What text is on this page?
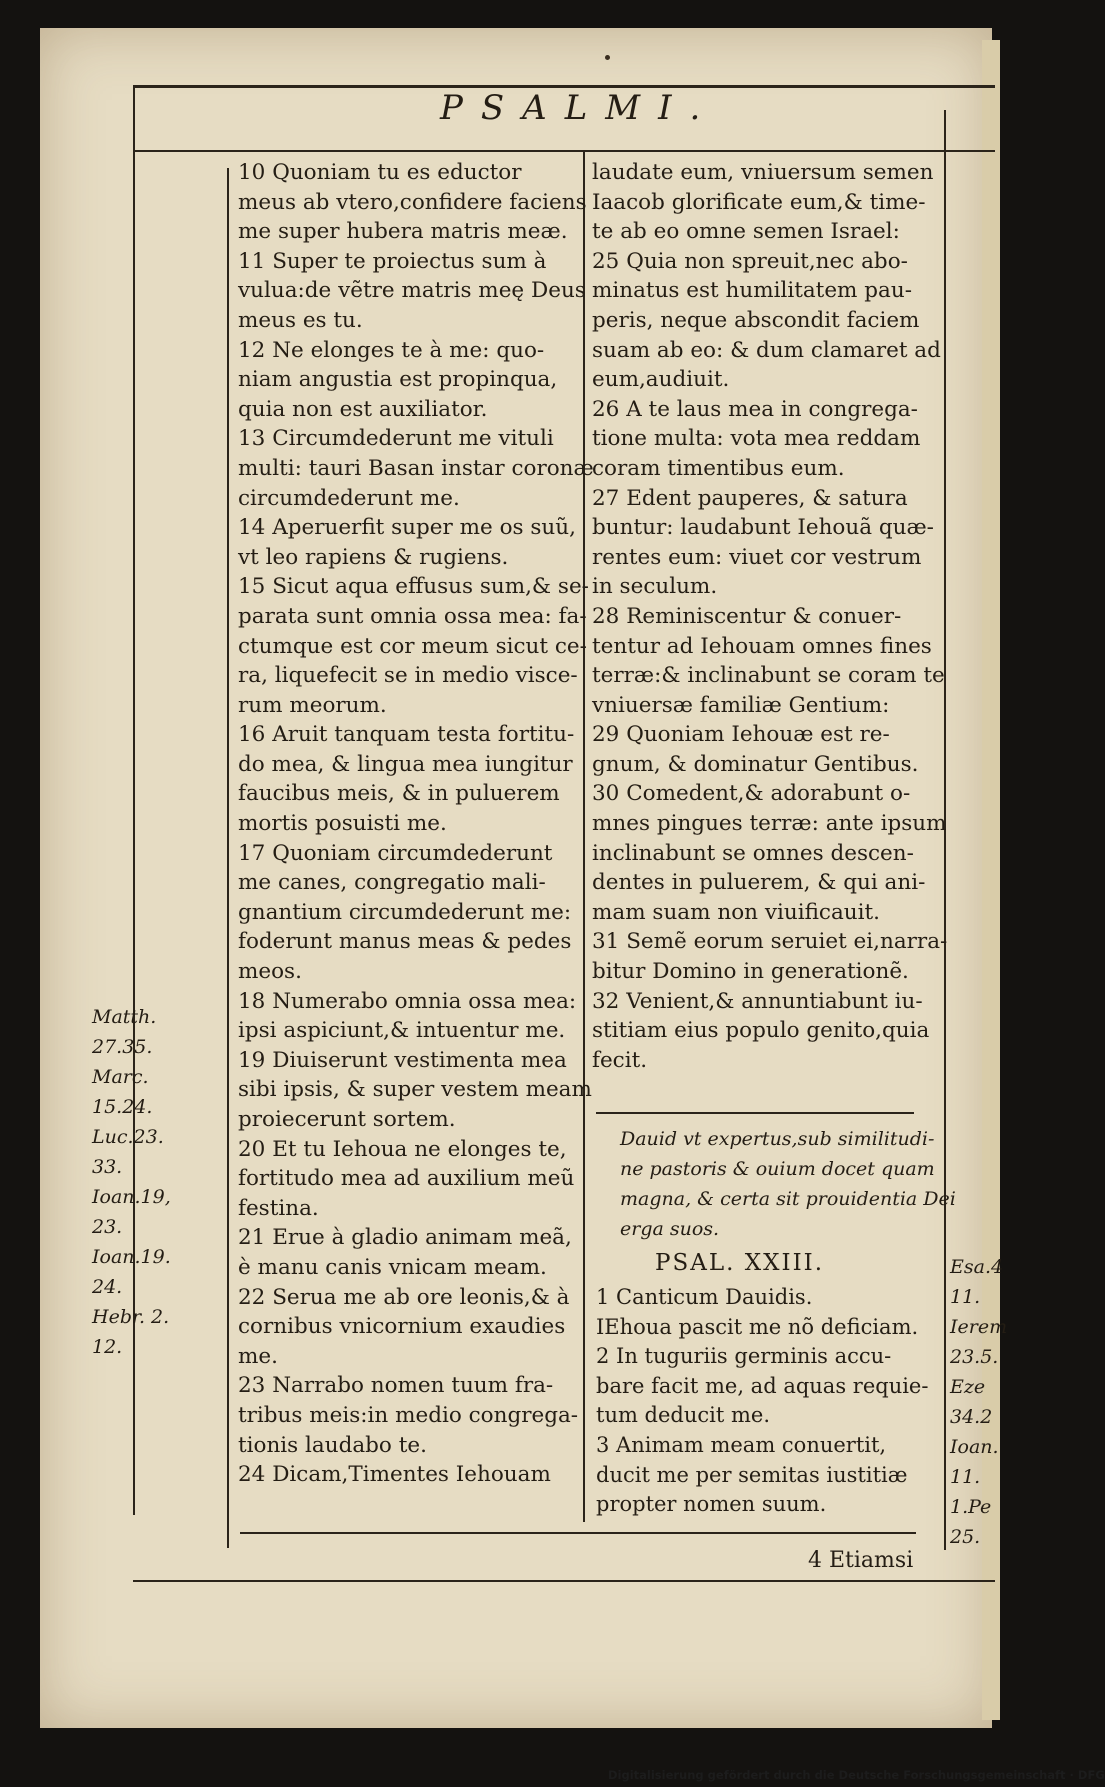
PSALMI.

10 Quoniam tu es eductor

meus ab vtero,confidere faciens

me super hubera matris meæ.

11 Super te proiectus sum à

vulua:de vẽtre matris meę Deus

meus es tu.

12 Ne elonges te à me: quo-

niam angustia est propinqua,

quia non est auxiliator.

13 Circumdederunt me vituli

multi: tauri Basan instar coronæ

circumdederunt me.

14 Aperuerfit super me os suũ,

vt leo rapiens & rugiens.

15 Sicut aqua effusus sum,& se-

parata sunt omnia ossa mea: fa-

ctumque est cor meum sicut ce-

ra, liquefecit se in medio visce-

rum meorum.

16 Aruit tanquam testa fortitu-

do mea, & lingua mea iungitur

faucibus meis, & in puluerem

mortis posuisti me.

17 Quoniam circumdederunt

me canes, congregatio mali-

gnantium circumdederunt me:

foderunt manus meas & pedes

meos.

18 Numerabo omnia ossa mea:

ipsi aspiciunt,& intuentur me.

19 Diuiserunt vestimenta mea

sibi ipsis, & super vestem meam

proiecerunt sortem.

20 Et tu Iehoua ne elonges te,

fortitudo mea ad auxilium meũ

festina.

21 Erue à gladio animam meã,

è manu canis vnicam meam.

22 Serua me ab ore leonis,& à

cornibus vnicornium exaudies

me.

23 Narrabo nomen tuum fra-

tribus meis:in medio congrega-

tionis laudabo te.

24 Dicam,Timentes Iehouam

laudate eum, vniuersum semen

Iaacob glorificate eum,& time-

te ab eo omne semen Israel:

25 Quia non spreuit,nec abo-

minatus est humilitatem pau-

peris, neque abscondit faciem

suam ab eo: & dum clamaret ad

eum,audiuit.

26 A te laus mea in congrega-

tione multa: vota mea reddam

coram timentibus eum.

27 Edent pauperes, & satura

buntur: laudabunt Iehouã quæ-

rentes eum: viuet cor vestrum

in seculum.

28 Reminiscentur & conuer-

tentur ad Iehouam omnes fines

terræ:& inclinabunt se coram te

vniuersæ familiæ Gentium:

29 Quoniam Iehouæ est re-

gnum, & dominatur Gentibus.

30 Comedent,& adorabunt o-

mnes pingues terræ: ante ipsum

inclinabunt se omnes descen-

dentes in puluerem, & qui ani-

mam suam non viuificauit.

31 Semẽ eorum seruiet ei,narra-

bitur Domino in generationẽ.

32 Venient,& annuntiabunt iu-

stitiam eius populo genito,quia

fecit.

Dauid vt expertus,sub similitudi-

ne pastoris & ouium docet quam

magna, & certa sit prouidentia Dei

erga suos.

PSAL. XXIII.

1 Canticum Dauidis.

IEhoua pascit me nõ deficiam.

2 In tuguriis germinis accu-

bare facit me, ad aquas requie-

tum deducit me.

3 Animam meam conuertit,

ducit me per semitas iustitiæ

propter nomen suum.

Matth.

27.35.

Marc.

15.24.

Luc.23.

33.

Ioan.19,

23.

Ioan.19.

24.

Hebr. 2.

12.

Esa.4

11.

Ierem

23.5.

Eze

34.2

Ioan.

11.

1.Pe

25.

4 Etiamsi
Digitalisierung gefördert durch die Deutsche Forschungsgemeinschaft · DFG
